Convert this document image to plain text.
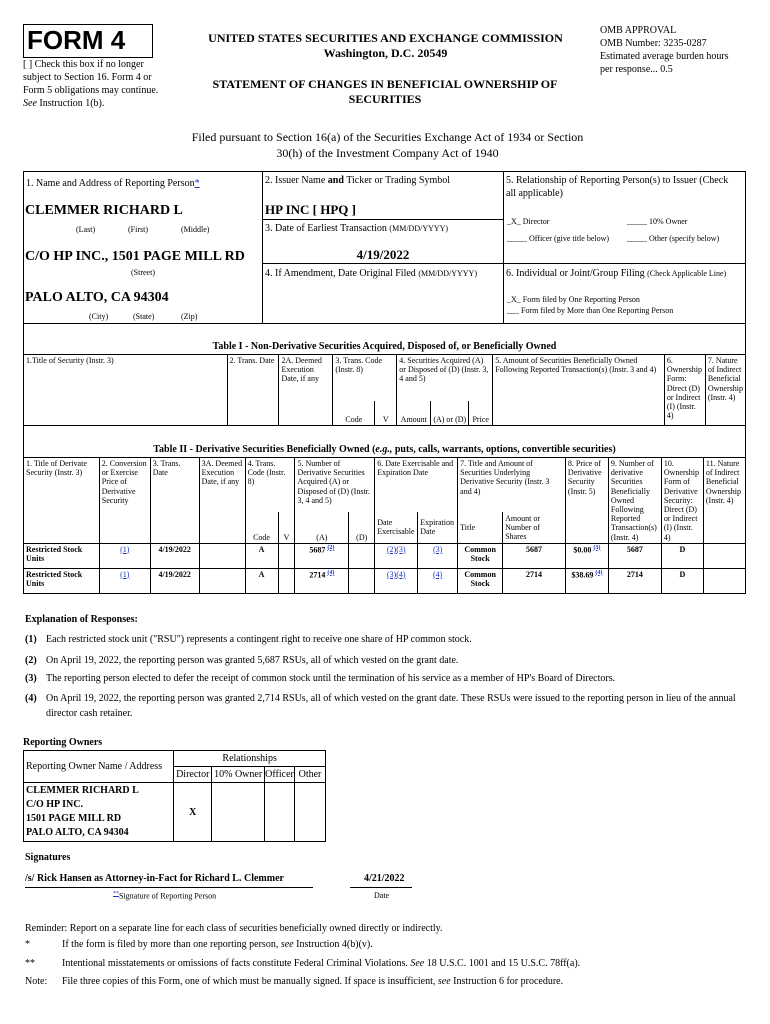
FORM 4
[ ] Check this box if no longer subject to Section 16. Form 4 or Form 5 obligations may continue. See Instruction 1(b).
UNITED STATES SECURITIES AND EXCHANGE COMMISSION
Washington, D.C. 20549
STATEMENT OF CHANGES IN BENEFICIAL OWNERSHIP OF SECURITIES
OMB APPROVAL
OMB Number: 3235-0287
Estimated average burden hours per response... 0.5
Filed pursuant to Section 16(a) of the Securities Exchange Act of 1934 or Section 30(h) of the Investment Company Act of 1940
1. Name and Address of Reporting Person*
CLEMMER RICHARD L
(Last)	(First)	(Middle)
C/O HP INC., 1501 PAGE MILL RD
(Street)
PALO ALTO, CA 94304
(City)	(State)	(Zip)
2. Issuer Name and Ticker or Trading Symbol
HP INC [ HPQ ]
3. Date of Earliest Transaction (MM/DD/YYYY)
4/19/2022
4. If Amendment, Date Original Filed (MM/DD/YYYY)
5. Relationship of Reporting Person(s) to Issuer (Check all applicable)
_X_ Director	_____ 10% Owner
_____ Officer (give title below) _____ Other (specify below)
6. Individual or Joint/Group Filing (Check Applicable Line)
_X_ Form filed by One Reporting Person
___ Form filed by More than One Reporting Person
Table I - Non-Derivative Securities Acquired, Disposed of, or Beneficially Owned
1.Title of Security (Instr. 3)	2. Trans. Date	2A. Deemed Execution Date, if any	3. Trans. Code (Instr. 8)		4. Securities Acquired (A) or Disposed of (D) (Instr. 3, 4 and 5)			5. Amount of Securities Beneficially Owned Following Reported Transaction(s) (Instr. 3 and 4)	6. Ownership Form: Direct (D) or Indirect (I) (Instr. 4)	7. Nature of Indirect Beneficial Ownership (Instr. 4)
			Code	V	Amount	(A) or (D)	Price			
Table II - Derivative Securities Beneficially Owned (e.g., puts, calls, warrants, options, convertible securities)
1. Title of Derivate Security (Instr. 3)	2. Conversion or Exercise Price of Derivative Security	3. Trans. Date	3A. Deemed Execution Date, if any	4. Trans. Code (Instr. 8)		5. Number of Derivative Securities Acquired (A) or Disposed of (D) (Instr. 3, 4 and 5)		6. Date Exercisable and Expiration Date		7. Title and Amount of Securities Underlying Derivative Security (Instr. 3 and 4)		8. Price of Derivative Security (Instr. 5)	9. Number of derivative Securities Beneficially Owned Following Reported Transaction(s) (Instr. 4)	10. Ownership Form of Derivative Security: Direct (D) or Indirect (I) (Instr. 4)	11. Nature of Indirect Beneficial Ownership (Instr. 4)
				Code	V	(A)	(D)	Date Exercisable	Expiration Date	Title	Amount or Number of Shares				
Restricted Stock Units	(1)	4/19/2022		A		5687 $^{(2)}$		(2)(3)	(3)	Common Stock	5687	$0.00 $^{(3)}$	5687	D	
Restricted Stock Units	(1)	4/19/2022		A		2714 $^{(4)}$		(3)(4)	(4)	Common Stock	2714	$38.69 $^{(4)}$	2714	D	
Explanation of Responses:
(1) Each restricted stock unit ("RSU") represents a contingent right to receive one share of HP common stock.
(2) On April 19, 2022, the reporting person was granted 5,687 RSUs, all of which vested on the grant date.
(3) The reporting person elected to defer the receipt of common stock until the termination of his service as a member of HP's Board of Directors.
(4) On April 19, 2022, the reporting person was granted 2,714 RSUs, all of which vested on the grant date. These RSUs were issued to the reporting person in lieu of the annual director cash retainer.
Reporting Owners
Reporting Owner Name / Address	Relationships			
	Director	10% Owner	Officer	Other

CLEMMER RICHARD L
C/O HP INC.
1501 PAGE MILL RD
PALO ALTO, CA 94304	X			
Signatures
/s/ Rick Hansen as Attorney-in-Fact for Richard L. Clemmer	4/21/2022
**Signature of Reporting Person	Date
Reminder: Report on a separate line for each class of securities beneficially owned directly or indirectly.
*	If the form is filed by more than one reporting person, see Instruction 4(b)(v).
**	Intentional misstatements or omissions of facts constitute Federal Criminal Violations. See 18 U.S.C. 1001 and 15 U.S.C. 78ff(a).
Note: File three copies of this Form, one of which must be manually signed. If space is insufficient, see Instruction 6 for procedure.
